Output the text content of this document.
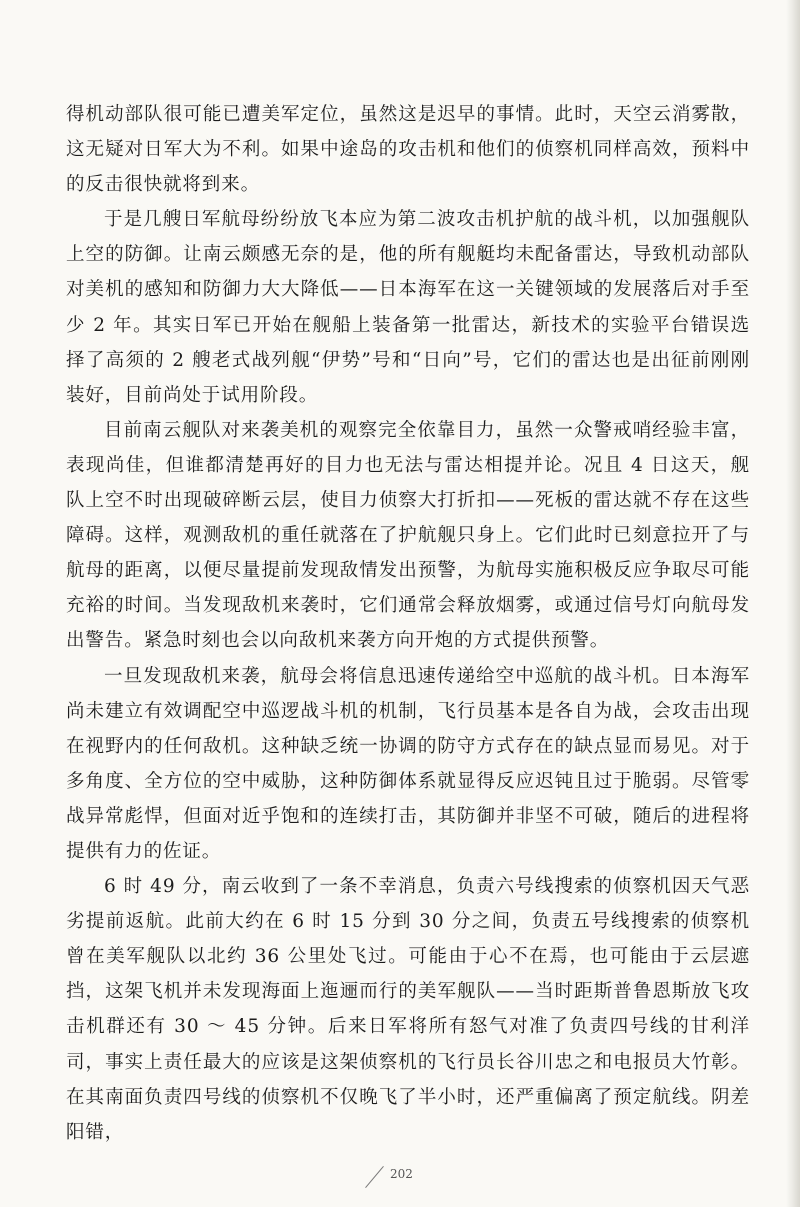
得机动部队很可能已遭美军定位，虽然这是迟早的事情。此时，天空云消雾散，这无疑对日军大为不利。如果中途岛的攻击机和他们的侦察机同样高效，预料中的反击很快就将到来。

于是几艘日军航母纷纷放飞本应为第二波攻击机护航的战斗机，以加强舰队上空的防御。让南云颇感无奈的是，他的所有舰艇均未配备雷达，导致机动部队对美机的感知和防御力大大降低——日本海军在这一关键领域的发展落后对手至少 2 年。其实日军已开始在舰船上装备第一批雷达，新技术的实验平台错误选择了高须的 2 艘老式战列舰“伊势”号和“日向”号，它们的雷达也是出征前刚刚装好，目前尚处于试用阶段。

目前南云舰队对来袭美机的观察完全依靠目力，虽然一众警戒哨经验丰富，表现尚佳，但谁都清楚再好的目力也无法与雷达相提并论。况且 4 日这天，舰队上空不时出现破碎断云层，使目力侦察大打折扣——死板的雷达就不存在这些障碍。这样，观测敌机的重任就落在了护航舰只身上。它们此时已刻意拉开了与航母的距离，以便尽量提前发现敌情发出预警，为航母实施积极反应争取尽可能充裕的时间。当发现敌机来袭时，它们通常会释放烟雾，或通过信号灯向航母发出警告。紧急时刻也会以向敌机来袭方向开炮的方式提供预警。

一旦发现敌机来袭，航母会将信息迅速传递给空中巡航的战斗机。日本海军尚未建立有效调配空中巡逻战斗机的机制，飞行员基本是各自为战，会攻击出现在视野内的任何敌机。这种缺乏统一协调的防守方式存在的缺点显而易见。对于多角度、全方位的空中威胁，这种防御体系就显得反应迟钝且过于脆弱。尽管零战异常彪悍，但面对近乎饱和的连续打击，其防御并非坚不可破，随后的进程将提供有力的佐证。

6 时 49 分，南云收到了一条不幸消息，负责六号线搜索的侦察机因天气恶劣提前返航。此前大约在 6 时 15 分到 30 分之间，负责五号线搜索的侦察机曾在美军舰队以北约 36 公里处飞过。可能由于心不在焉，也可能由于云层遮挡，这架飞机并未发现海面上迤逦而行的美军舰队——当时距斯普鲁恩斯放飞攻击机群还有 30 ～ 45 分钟。后来日军将所有怒气对准了负责四号线的甘利洋司，事实上责任最大的应该是这架侦察机的飞行员长谷川忠之和电报员大竹彰。在其南面负责四号线的侦察机不仅晚飞了半小时，还严重偏离了预定航线。阴差阳错，

202
